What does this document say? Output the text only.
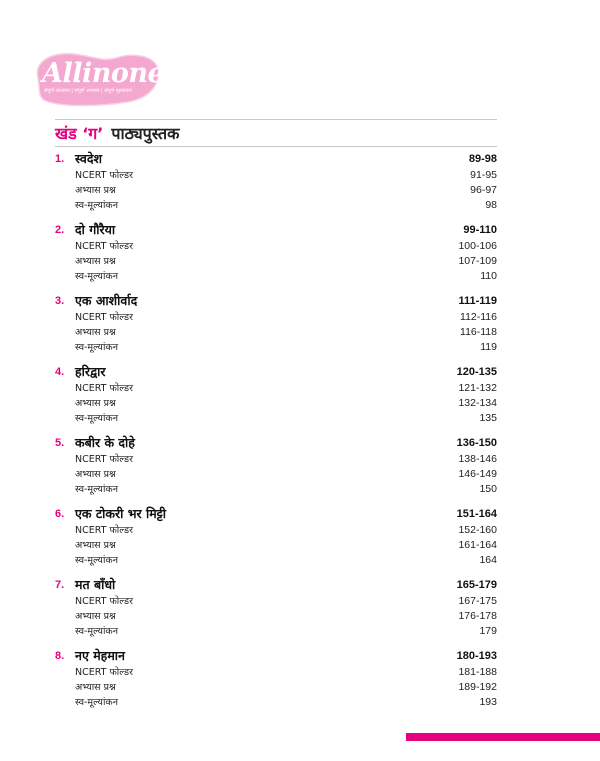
Allinone®
संपूर्ण अध्ययन | संपूर्ण अभ्यास | संपूर्ण मूल्यांकन
खंड ‘ग’ पाठ्यपुस्तक
1. स्वदेश	89-98
NCERT फोल्डर	91-95
अभ्यास प्रश्न	96-97
स्व-मूल्यांकन	98
2. दो गौरैया	99-110
NCERT फोल्डर	100-106
अभ्यास प्रश्न	107-109
स्व-मूल्यांकन	110
3. एक आशीर्वाद	111-119
NCERT फोल्डर	112-116
अभ्यास प्रश्न	116-118
स्व-मूल्यांकन	119
4. हरिद्वार	120-135
NCERT फोल्डर	121-132
अभ्यास प्रश्न	132-134
स्व-मूल्यांकन	135
5. कबीर के दोहे	136-150
NCERT फोल्डर	138-146
अभ्यास प्रश्न	146-149
स्व-मूल्यांकन	150
6. एक टोकरी भर मिट्टी	151-164
NCERT फोल्डर	152-160
अभ्यास प्रश्न	161-164
स्व-मूल्यांकन	164
7. मत बाँधो	165-179
NCERT फोल्डर	167-175
अभ्यास प्रश्न	176-178
स्व-मूल्यांकन	179
8. नए मेहमान	180-193
NCERT फोल्डर	181-188
अभ्यास प्रश्न	189-192
स्व-मूल्यांकन	193
